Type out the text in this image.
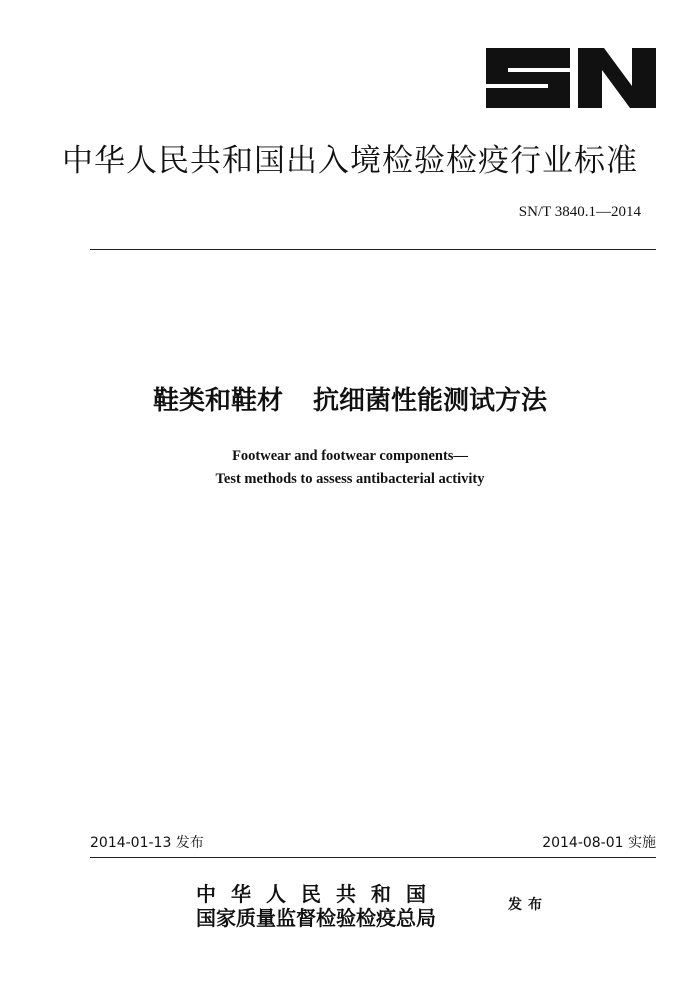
中华人民共和国出入境检验检疫行业标准
SN/T 3840.1—2014
鞋类和鞋材 抗细菌性能测试方法
Footwear and footwear components—
Test methods to assess antibacterial activity
2014-01-13 发布	2014-08-01 实施
中华人民共和国
国家质量监督检验检疫总局
发布
